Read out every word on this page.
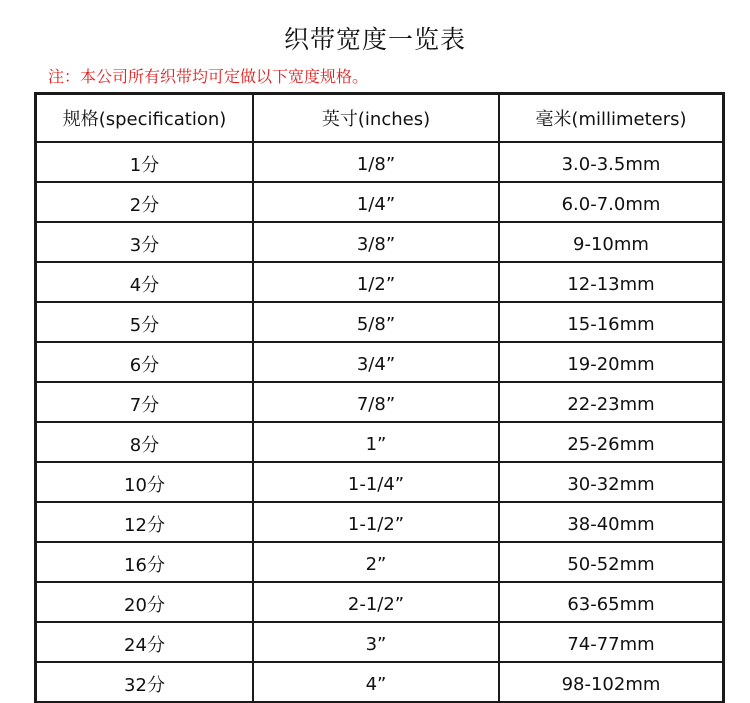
织带宽度一览表
注：本公司所有织带均可定做以下宽度规格。
规格(specification)	英寸(inches)	毫米(millimeters)
1分	1/8”	3.0-3.5mm
2分	1/4”	6.0-7.0mm
3分	3/8”	9-10mm
4分	1/2”	12-13mm
5分	5/8”	15-16mm
6分	3/4”	19-20mm
7分	7/8”	22-23mm
8分	1”	25-26mm
10分	1-1/4”	30-32mm
12分	1-1/2”	38-40mm
16分	2”	50-52mm
20分	2-1/2”	63-65mm
24分	3”	74-77mm
32分	4”	98-102mm
